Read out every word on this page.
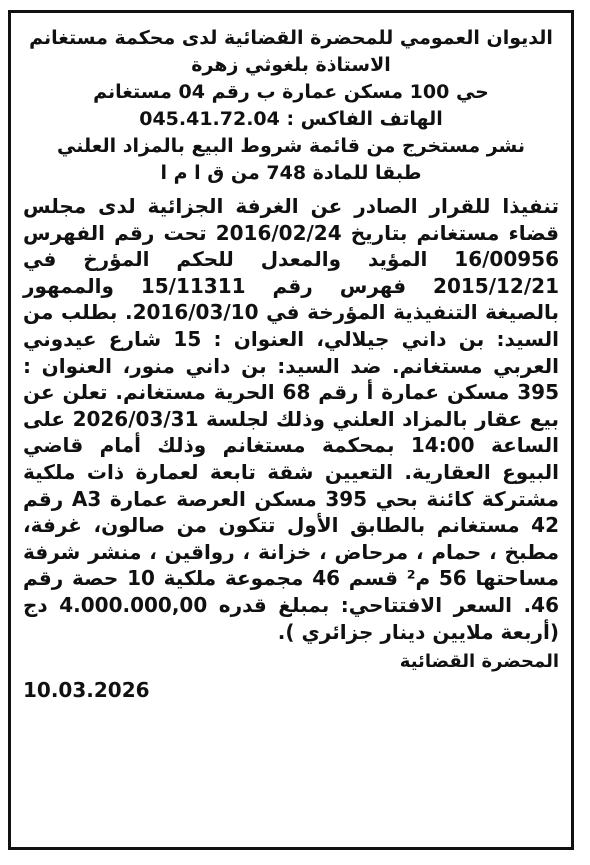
الديوان العمومي للمحضرة القضائية لدى محكمة مستغانم
الاستاذة بلغوثي زهرة
حي 100 مسكن عمارة ب رقم 04 مستغانم
الهاتف الفاكس : 045.41.72.04
نشر مستخرج من قائمة شروط البيع بالمزاد العلني
طبقا للمادة 748 من ق ا م ا
تنفيذا للقرار الصادر عن الغرفة الجزائية لدى مجلس قضاء مستغانم بتاريخ 2016/02/24 تحت رقم الفهرس 16/00956 المؤيد والمعدل للحكم المؤرخ في 2015/12/21 فهرس رقم 15/11311 والممهور بالصيغة التنفيذية المؤرخة في 2016/03/10. بطلب من السيد: بن داني جيلالي، العنوان : 15 شارع عيدوني العربي مستغانم. ضد السيد: بن داني منور، العنوان : 395 مسكن عمارة أ رقم 68 الحرية مستغانم. تعلن عن بيع عقار بالمزاد العلني وذلك لجلسة 2026/03/31 على الساعة 14:00 بمحكمة مستغانم وذلك أمام قاضي البيوع العقارية. التعيين شقة تابعة لعمارة ذات ملكية مشتركة كائنة بحي 395 مسكن العرصة عمارة A3 رقم 42 مستغانم بالطابق الأول تتكون من صالون، غرفة، مطبخ ، حمام ، مرحاض ، خزانة ، رواقين ، منشر شرفة مساحتها 56 م² قسم 46 مجموعة ملكية 10 حصة رقم 46. السعر الافتتاحي: بمبلغ قدره 4.000.000,00 دج (أربعة ملايين دينار جزائري ).
المحضرة القضائية
10.03.2026
